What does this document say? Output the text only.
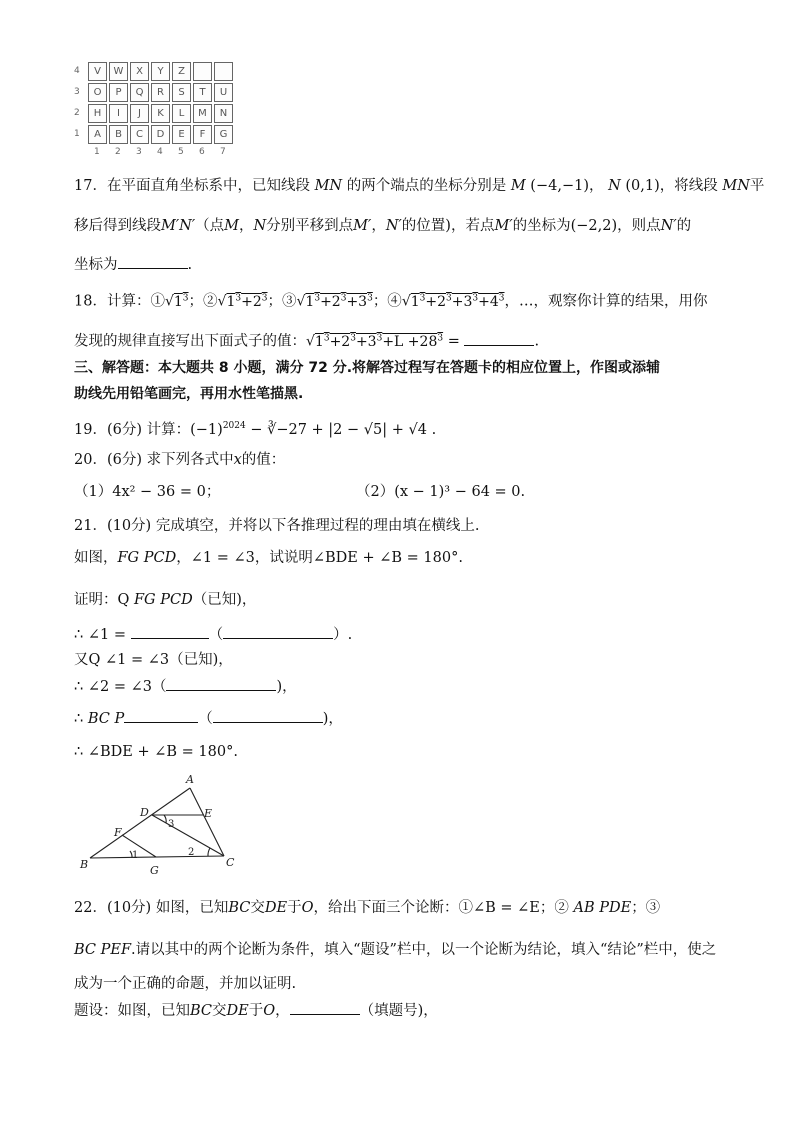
4	V	W	X	Y	Z
3	O	P	Q	R	S	T	U
2	H	I	J	K	L	M	N
1	A	B	C	D	E	F	G
1 2 3 4 5 6 7
17．在平面直角坐标系中，已知线段 MN 的两个端点的坐标分别是 M (−4,−1)， N (0,1)，将线段 MN平
移后得到线段M′N′（点M，N分别平移到点M′，N′的位置)，若点M′的坐标为(−2,2)，则点N′的
坐标为	.
18．计算：$①√1^3$；$②√1^3+2^3$；$③√1^3+2^3+3^3$；$④√1^3+2^3+3^3+4^3$，…，观察你计算的结果，用你
发现的规律直接写出下面式子的值：$√1^3+2^3+3^3+L +28^3$ =	.
三、解答题：本大题共 8 小题，满分 72 分.将解答过程写在答题卡的相应位置上，作图或添辅
助线先用铅笔画完，再用水性笔描黑.
19．(6分) 计算：$(-1)^{2024}$ − ∛−27 + |2 − √5| + √4 .
20．(6分) 求下列各式中x的值：
（1）4x² − 36 = 0；	（2）(x − 1)³ − 64 = 0.
21．(10分) 完成填空，并将以下各推理过程的理由填在横线上.
如图，FG PCD，∠1 = ∠3，试说明∠BDE + ∠B = 180°.
证明：Q FG PCD（已知)，
∴ ∠1 =	（	）.
又Q ∠1 = ∠3（已知)，
∴ ∠2 = ∠3（	)，
∴ BC P	（	)，
∴ ∠BDE + ∠B = 180°.
A
B	C
D	E
F
G
1	2
3
22．(10分) 如图，已知BC交DE于O，给出下面三个论断：①∠B = ∠E；② AB PDE；③
BC PEF.请以其中的两个论断为条件，填入“题设”栏中，以一个论断为结论，填入“结论”栏中，使之
成为一个正确的命题，并加以证明.
题设：如图，已知BC交DE于O，	（填题号)，
